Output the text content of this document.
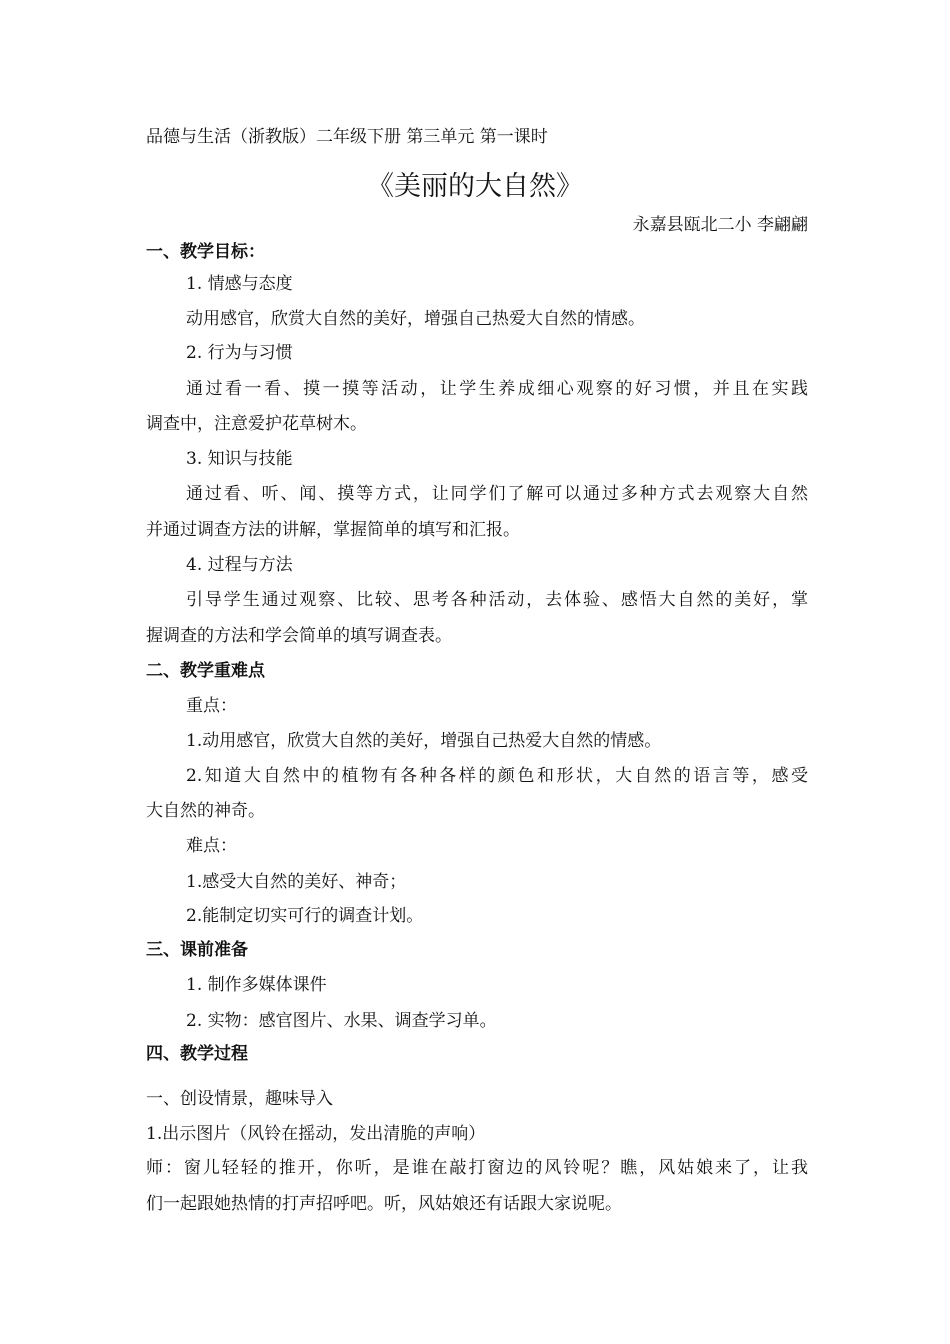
品德与生活（浙教版）二年级下册 第三单元 第一课时
《美丽的大自然》
永嘉县瓯北二小 李翩翩
一、教学目标：
1. 情感与态度
动用感官，欣赏大自然的美好，增强自己热爱大自然的情感。
2. 行为与习惯
通过看一看、摸一摸等活动，让学生养成细心观察的好习惯，并且在实践
调查中，注意爱护花草树木。
3. 知识与技能
通过看、听、闻、摸等方式，让同学们了解可以通过多种方式去观察大自然
并通过调查方法的讲解，掌握简单的填写和汇报。
4. 过程与方法
引导学生通过观察、比较、思考各种活动，去体验、感悟大自然的美好，掌
握调查的方法和学会简单的填写调查表。
二、教学重难点
重点：
1.动用感官，欣赏大自然的美好，增强自己热爱大自然的情感。
2.知道大自然中的植物有各种各样的颜色和形状，大自然的语言等，感受
大自然的神奇。
难点：
1.感受大自然的美好、神奇；
2.能制定切实可行的调查计划。
三、课前准备
1. 制作多媒体课件
2. 实物：感官图片、水果、调查学习单。
四、教学过程
一、创设情景，趣味导入
1.出示图片（风铃在摇动，发出清脆的声响）
师：窗儿轻轻的推开，你听，是谁在敲打窗边的风铃呢？瞧，风姑娘来了，让我
们一起跟她热情的打声招呼吧。听，风姑娘还有话跟大家说呢。
